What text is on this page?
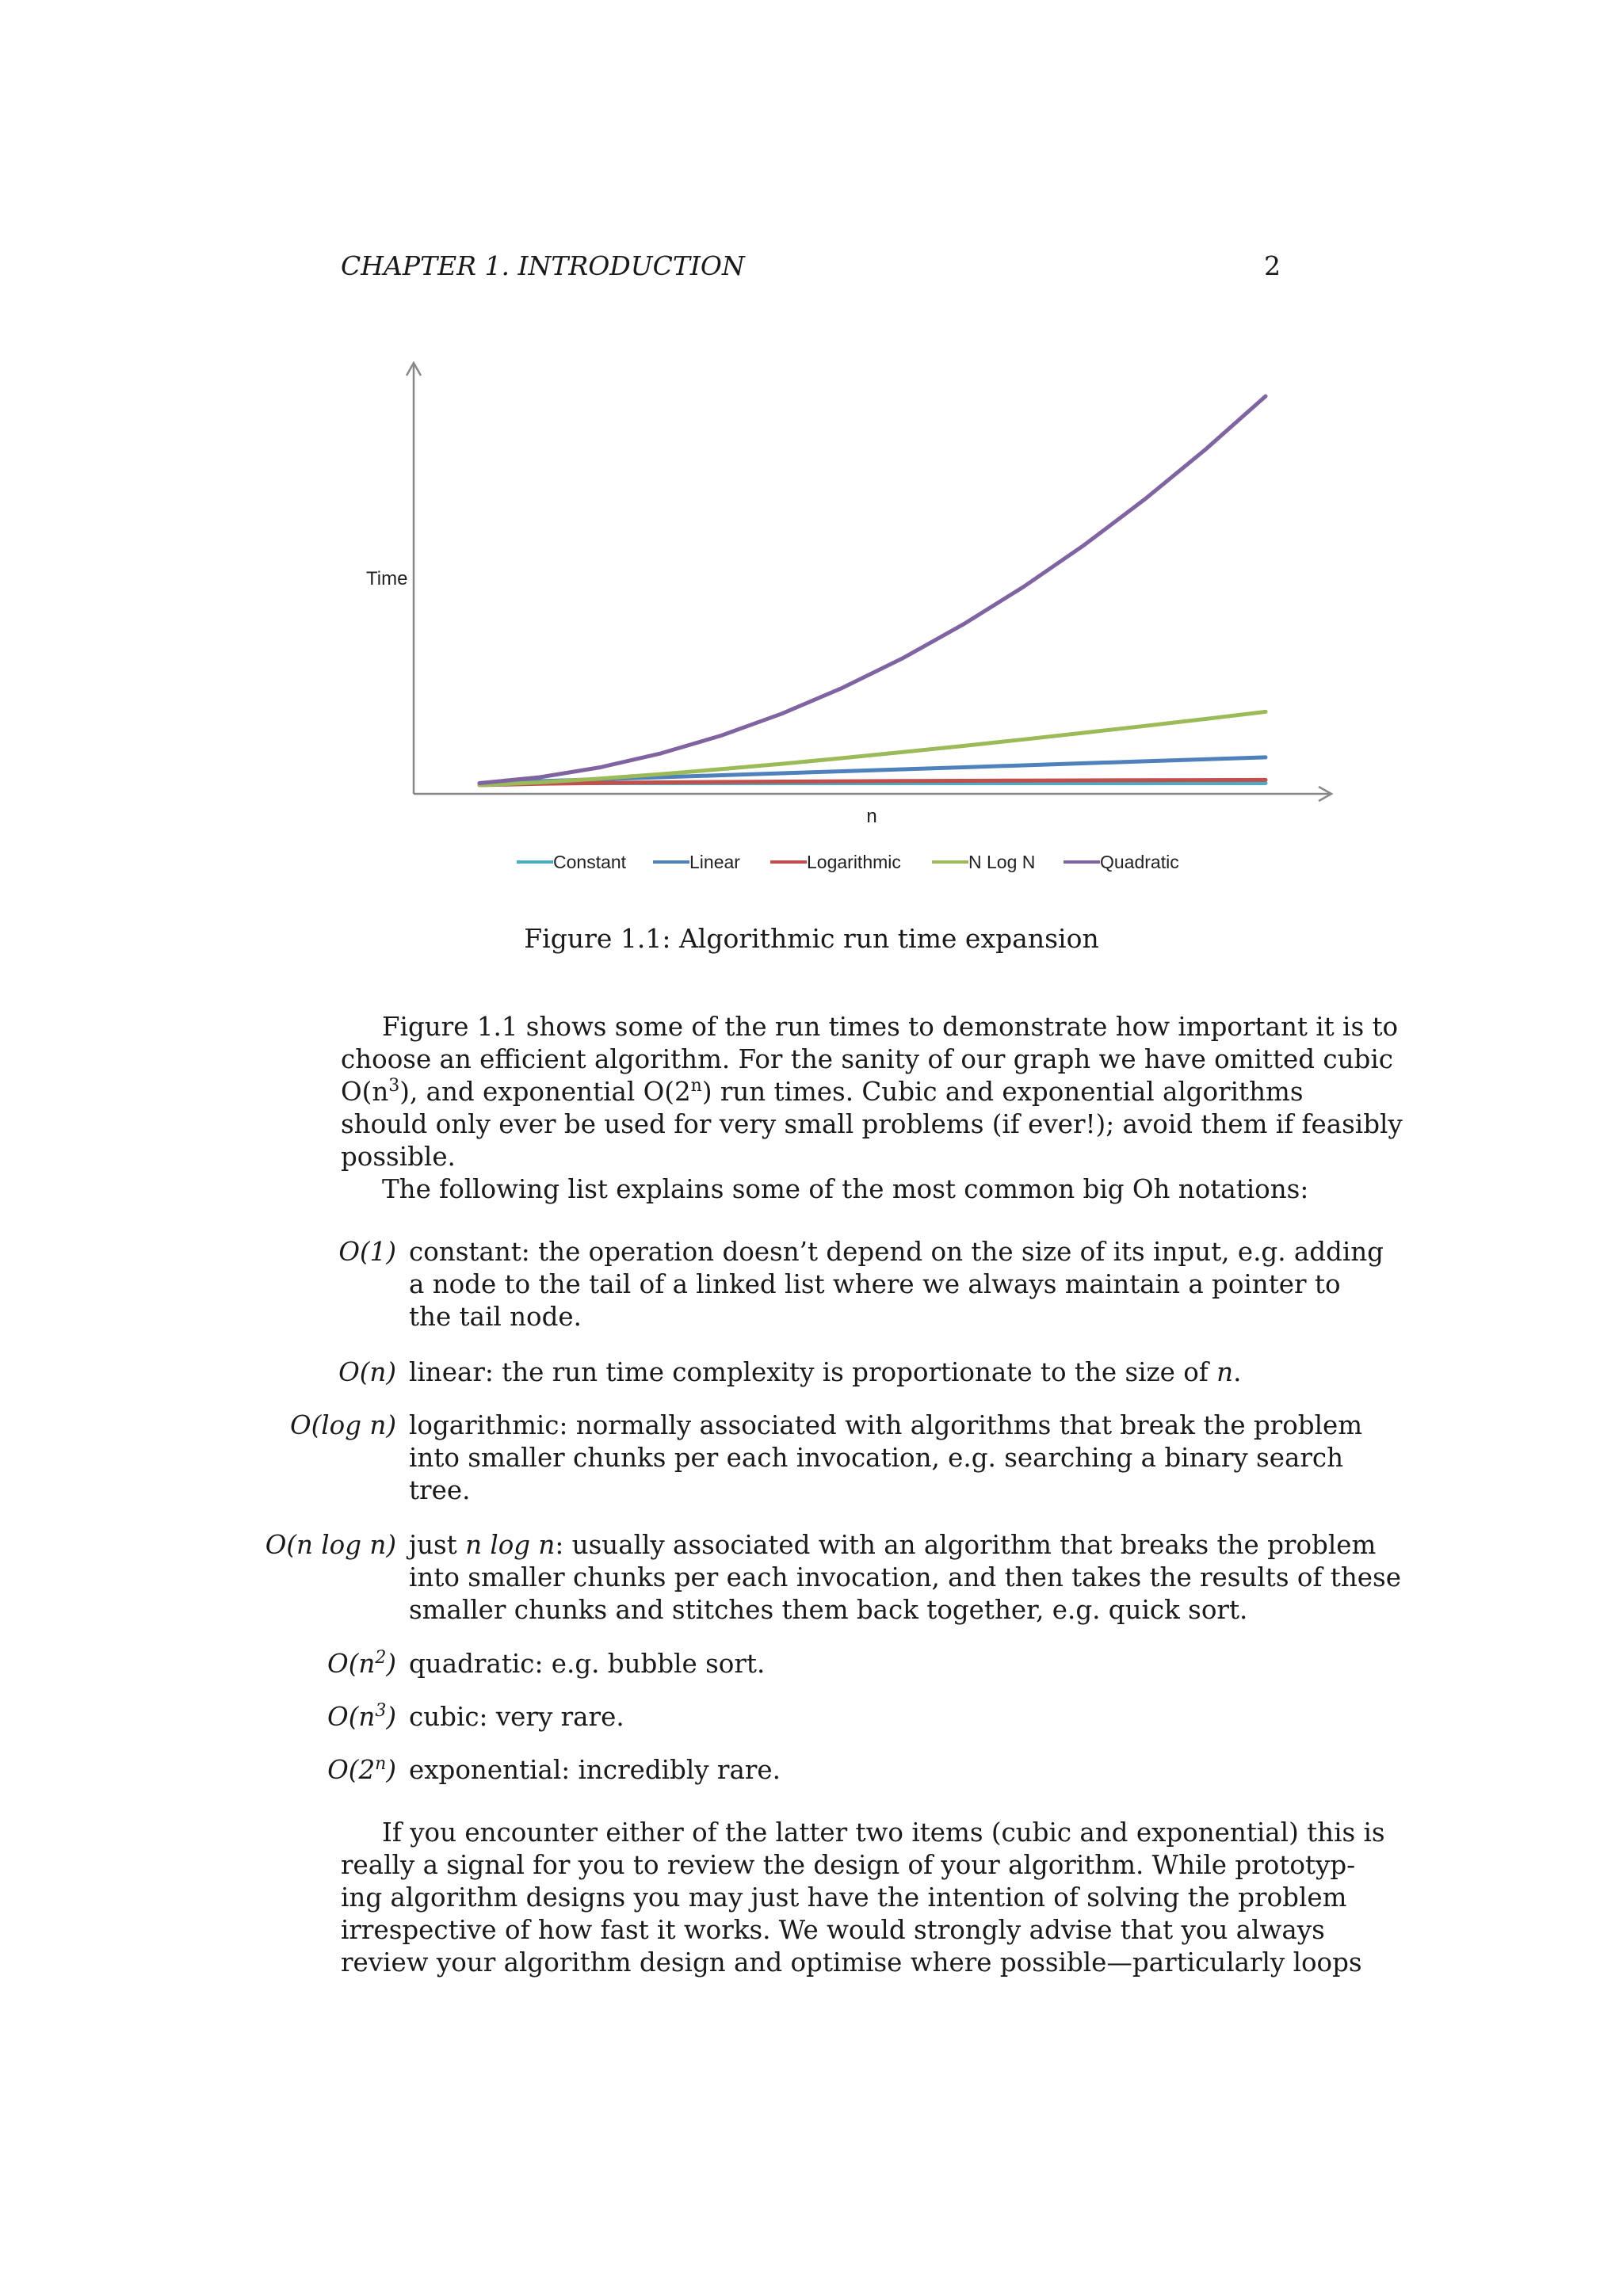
CHAPTER 1. INTRODUCTION	2
Time
n
Constant	Linear	Logarithmic	N Log N	Quadratic
Figure 1.1: Algorithmic run time expansion
Figure 1.1 shows some of the run times to demonstrate how important it is to
choose an efficient algorithm. For the sanity of our graph we have omitted cubic
$O(n^3)$, and exponential O(2$^n$) run times. Cubic and exponential algorithms
should only ever be used for very small problems (if ever!); avoid them if feasibly
possible.
The following list explains some of the most common big Oh notations:
O(1) constant: the operation doesn’t depend on the size of its input, e.g. adding
a node to the tail of a linked list where we always maintain a pointer to
the tail node.
O(n) linear: the run time complexity is proportionate to the size of n.
O(log n) logarithmic: normally associated with algorithms that break the problem
into smaller chunks per each invocation, e.g. searching a binary search
tree.
O(n log n) just n log n: usually associated with an algorithm that breaks the problem
into smaller chunks per each invocation, and then takes the results of these
smaller chunks and stitches them back together, e.g. quick sort.
$O(n^2)$ quadratic: e.g. bubble sort.
$O(n^3)$ cubic: very rare.
O(2$^n$) exponential: incredibly rare.
If you encounter either of the latter two items (cubic and exponential) this is
really a signal for you to review the design of your algorithm. While prototyp-
ing algorithm designs you may just have the intention of solving the problem
irrespective of how fast it works. We would strongly advise that you always
review your algorithm design and optimise where possible—particularly loops
